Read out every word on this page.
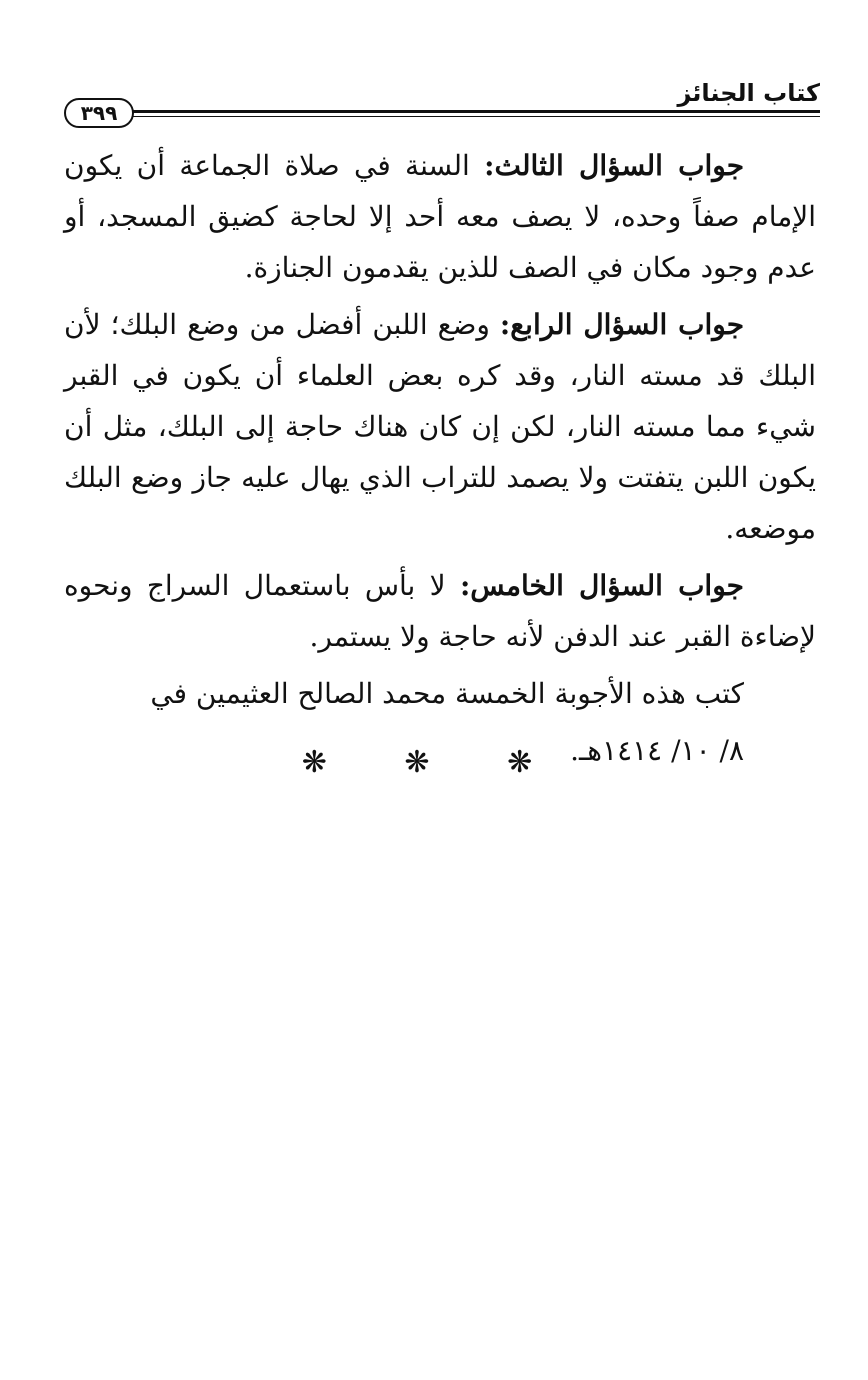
كتاب الجنائز
٣٩٩

جواب السؤال الثالث: السنة في صلاة الجماعة أن يكون الإمام صفاً وحده، لا يصف معه أحد إلا لحاجة كضيق المسجد، أو عدم وجود مكان في الصف للذين يقدمون الجنازة.

جواب السؤال الرابع: وضع اللبن أفضل من وضع البلك؛ لأن البلك قد مسته النار، وقد كره بعض العلماء أن يكون في القبر شيء مما مسته النار، لكن إن كان هناك حاجة إلى البلك، مثل أن يكون اللبن يتفتت ولا يصمد للتراب الذي يهال عليه جاز وضع البلك موضعه.

جواب السؤال الخامس: لا بأس باستعمال السراج ونحوه لإضاءة القبر عند الدفن لأنه حاجة ولا يستمر.

كتب هذه الأجوبة الخمسة محمد الصالح العثيمين في

٨/ ١٠/ ١٤١٤هـ.

❋ ❋ ❋
